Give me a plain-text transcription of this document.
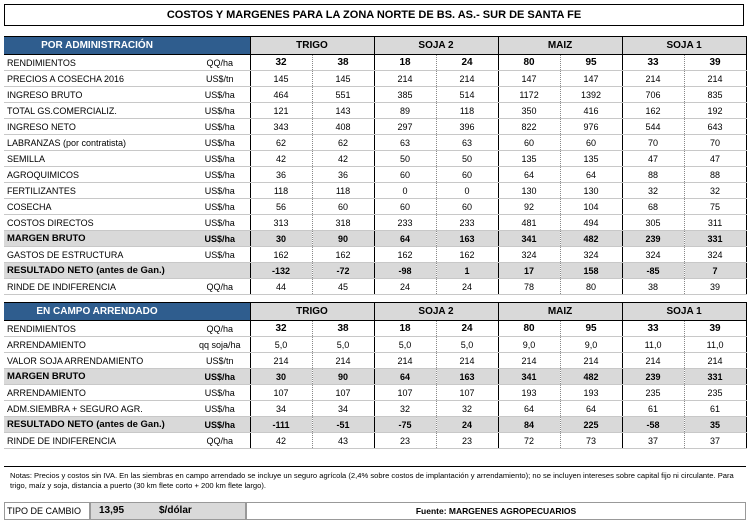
COSTOS Y MARGENES PARA LA ZONA NORTE DE BS. AS.- SUR DE SANTA FE
POR ADMINISTRACIÓN		TRIGO		SOJA 2		MAIZ		SOJA 1	
RENDIMIENTOS	QQ/ha	32	38	18	24	80	95	33	39
PRECIOS A COSECHA 2016	US$/tn	145	145	214	214	147	147	214	214
INGRESO BRUTO	US$/ha	464	551	385	514	1172	1392	706	835
TOTAL GS.COMERCIALIZ.	US$/ha	121	143	89	118	350	416	162	192
INGRESO NETO	US$/ha	343	408	297	396	822	976	544	643
LABRANZAS (por contratista)	US$/ha	62	62	63	63	60	60	70	70
SEMILLA	US$/ha	42	42	50	50	135	135	47	47
AGROQUIMICOS	US$/ha	36	36	60	60	64	64	88	88
FERTILIZANTES	US$/ha	118	118	0	0	130	130	32	32
COSECHA	US$/ha	56	60	60	60	92	104	68	75
COSTOS DIRECTOS	US$/ha	313	318	233	233	481	494	305	311
MARGEN BRUTO	US$/ha	30	90	64	163	341	482	239	331
GASTOS DE ESTRUCTURA	US$/ha	162	162	162	162	324	324	324	324
RESULTADO NETO (antes de Gan.)		-132	-72	-98	1	17	158	-85	7
RINDE DE INDIFERENCIA	QQ/ha	44	45	24	24	78	80	38	39
EN CAMPO ARRENDADO		TRIGO		SOJA 2		MAIZ		SOJA 1	
RENDIMIENTOS	QQ/ha	32	38	18	24	80	95	33	39
ARRENDAMIENTO	qq soja/ha	5,0	5,0	5,0	5,0	9,0	9,0	11,0	11,0
VALOR SOJA ARRENDAMIENTO	US$/tn	214	214	214	214	214	214	214	214
MARGEN BRUTO	US$/ha	30	90	64	163	341	482	239	331
ARRENDAMIENTO	US$/ha	107	107	107	107	193	193	235	235
ADM.SIEMBRA + SEGURO AGR.	US$/ha	34	34	32	32	64	64	61	61
RESULTADO NETO (antes de Gan.)	US$/ha	-111	-51	-75	24	84	225	-58	35
RINDE DE INDIFERENCIA	QQ/ha	42	43	23	23	72	73	37	37
Notas: Precios y costos sin IVA. En las siembras en campo arrendado se incluye un seguro agrícola (2,4% sobre costos de implantación y arrendamiento); no se incluyen intereses sobre capital fijo ni circulante. Para trigo, maíz y soja, distancia a puerto (30 km flete corto + 200 km flete largo).
TIPO DE CAMBIO	13,95	$/dólar	Fuente: MARGENES AGROPECUARIOS
